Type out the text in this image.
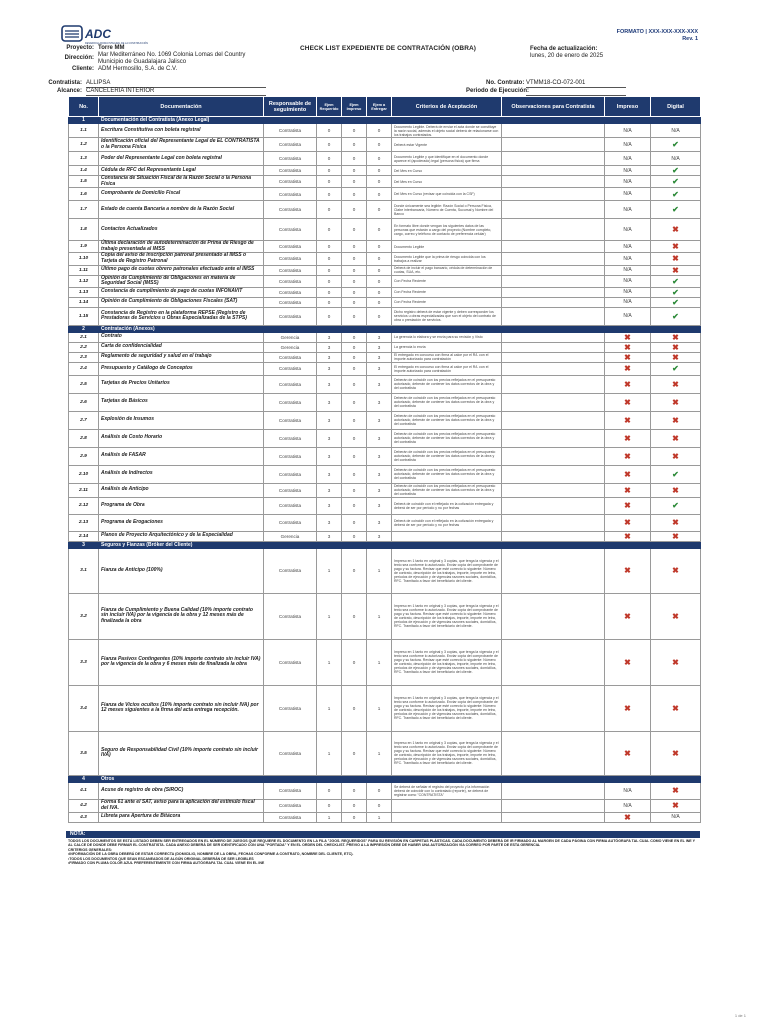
ADC
DESARROLLADORA INTEGRAL DE LA CONSTRUCCIÓN
FORMATO | XXX-XXX-XXX-XXX
Rev. 1
Proyecto: Torre MM
Dirección: Mar Mediterráneo No. 1069 Colonia Lomas del Country
Municipio de Guadalajara Jalisco
Cliente: ADM Hermosillo, S.A. de C.V.
CHECK LIST EXPEDIENTE DE CONTRATACIÓN (OBRA)	Fecha de actualización:
lunes, 20 de enero de 2025
Contratista: ALLIPSA
Alcance: CANCELERIA INTERIOR
No. Contrato: VTMM18-CO-072-001
Periodo de Ejecución:
No.	Documentación	Responsable de seguimiento	Ejem Requerido	Ejem Impreso	Ejem a Entregar	Criterios de Aceptación	Observaciones para Contratista	Impreso	Digital
1	Documentación del Contratista (Anexo Legal)								
1.1	Escritura Constitutiva con boleta registral	Contratista	0	0	0	Documento Legible. Deberá de enviar el acta donde se constituye la razón social, además el objeto social deberá de relacionarse con los trabajos contratados.		N/A	N/A
1.2	Identificación oficial del Representante Legal de EL CONTRATISTA o la Persona Física	Contratista	0	0	0	Deberá estar Vigente		N/A	✔
1.3	Poder del Representante Legal con boleta registral	Contratista	0	0	0	Documento Legible y que identifique en el documento donde aparece el (apoderado) legal (persona física) que firma		N/A	N/A
1.4	Cédula de RFC del Representante Legal	Contratista	0	0	0	Del Mes en Curso		N/A	✔
1.5	Constancia de Situación Fiscal de la Razón Social o la Persona Física	Contratista	0	0	0	Del Mes en Curso		N/A	✔
1.6	Comprobante de Domicilio Fiscal	Contratista	0	0	0	Del Mes en Curso (revisar que coincida con la CSF)		N/A	✔
1.7	Estado de cuenta Bancaria a nombre de la Razón Social	Contratista	0	0	0	Donde únicamente sea legible: Razón Social o Persona Física, Clabe interbancaria, Número de Cuenta, Sucursal y Nombre del Banco		N/A	✔
1.8	Contactos Actualizados	Contratista	0	0	0	En formato libre donde vengan los siguientes datos de las personas que estarán a cargo del proyecto (Nombre completo, cargo, correo y teléfono de contacto de preferencia celular)		N/A	✖
1.9	Última declaración de autodeterminación de Prima de Riesgo de trabajo presentada al IMSS	Contratista	0	0	0	Documento Legible		N/A	✖
1.10	Copia del aviso de inscripción patronal presentado al IMSS o Tarjeta de Registro Patronal	Contratista	0	0	0	Documento Legible que la prima de riesgo coincida con los trabajos a realizar		N/A	✖
1.11	Último pago de cuotas obrero patronales efectuado ante el IMSS	Contratista	0	0	0	Deberá de incluir el pago bancario, cédula de determinación de cuotas, SUA, etc.		N/A	✖
1.12	Opinión de Cumplimiento de Obligaciones en materia de Seguridad Social (IMSS)	Contratista	0	0	0	Con Fecha Reciente		N/A	✔
1.13	Constancia de cumplimiento de pago de cuotas INFONAVIT	Contratista	0	0	0	Con Fecha Reciente		N/A	✔
1.14	Opinión de Cumplimiento de Obligaciones Fiscales (SAT)	Contratista	0	0	0	Con Fecha Reciente		N/A	✔
1.15	Constancia de Registro en la plataforma REPSE (Registro de Prestadoras de Servicios u Obras Especializadas de la STPS)	Contratista	0	0	0	Dicho registro deberá de estar vigente y deben corresponder los servicios u obras especializadas que son el objeto del contrato de obra o prestación de servicios.		N/A	✔
2	Contratación (Anexos)								
2.1	Contrato	Gerencia	3	0	3	La gerencia lo elabora y se envía para su revisión y Visto		✖	✖
2.2	Carta de confidencialidad	Gerencia	3	0	3	La gerencia lo envía		✖	✖
2.3	Reglamento de seguridad y salud en el trabajo	Contratista	3	0	3	El entregado en concurso con firma al calce por el R/L con el importe autorizado para contratación		✖	✖
2.4	Presupuesto y Catálogo de Conceptos	Contratista	3	0	3	El entregado en concurso con firma al calce por el R/L con el importe autorizado para contratación		✖	✔
2.5	Tarjetas de Precios Unitarios	Contratista	3	0	3	Deberán de coincidir con los precios reflejados en el presupuesto autorizado, deberán de contener los datos correctos de la obra y del contratista		✖	✖
2.6	Tarjetas de Básicos	Contratista	3	0	3	Deberán de coincidir con los precios reflejados en el presupuesto autorizado, deberán de contener los datos correctos de la obra y del contratista		✖	✖
2.7	Explosión de Insumos	Contratista	3	0	3	Deberán de coincidir con los precios reflejados en el presupuesto autorizado, deberán de contener los datos correctos de la obra y del contratista		✖	✖
2.8	Análisis de Costo Horario	Contratista	3	0	3	Deberán de coincidir con los precios reflejados en el presupuesto autorizado, deberán de contener los datos correctos de la obra y del contratista		✖	✖
2.9	Análisis de FASAR	Contratista	3	0	3	Deberán de coincidir con los precios reflejados en el presupuesto autorizado, deberán de contener los datos correctos de la obra y del contratista		✖	✖
2.10	Análisis de Indirectos	Contratista	3	0	3	Deberán de coincidir con los precios reflejados en el presupuesto autorizado, deberán de contener los datos correctos de la obra y del contratista		✖	✔
2.11	Análisis de Anticipo	Contratista	3	0	3	Deberán de coincidir con los precios reflejados en el presupuesto autorizado, deberán de contener los datos correctos de la obra y del contratista		✖	✖
2.12	Programa de Obra	Contratista	3	0	3	Deberá de coincidir con el reflejado en la cotización entregada y deberá de ser por periodo y no por fechas		✖	✔
2.13	Programa de Erogaciones	Contratista	3	0	3	Deberá de coincidir con el reflejado en la cotización entregada y deberá de ser por periodo y no por fechas		✖	✖
2.14	Planos de Proyecto Arquitectónico y de la Especialidad	Gerencia	3	0	3			✖	✖
3	Seguros y Fianzas (Bróker del Cliente)								
3.1	Fianza de Anticipo (100%)	Contratista	1	0	1	Impreso en 1 tanto en original y 3 copias, que tenga la vigencia y el texto sea conforme lo autorizado. Enviar copia del comprobante de pago y su factura. Revisar que esté correcto lo siguiente: Número de contrato, descripción de los trabajos, importe, importe en letra, periodos de ejecución y de vigencias razones sociales, domicilios, RFC. Tramitado a favor del beneficiario del cliente.		✖	✖
3.2	Fianza de Cumplimiento y Buena Calidad (10% importe contrato sin incluir IVA) por la vigencia de la obra y 12 meses más de finalizada la obra	Contratista	1	0	1	Impreso en 1 tanto en original y 3 copias, que tenga la vigencia y el texto sea conforme lo autorizado. Enviar copia del comprobante de pago y su factura. Revisar que esté correcto lo siguiente: Número de contrato, descripción de los trabajos, importe, importe en letra, periodos de ejecución y de vigencias razones sociales, domicilios, RFC. Tramitado a favor del beneficiario del cliente.		✖	✖
3.3	Fianza Pasivos Contingentes (10% importe contrato sin incluir IVA) por la vigencia de la obra y 6 meses más de finalizada la obra	Contratista	1	0	1	Impreso en 1 tanto en original y 3 copias, que tenga la vigencia y el texto sea conforme lo autorizado. Enviar copia del comprobante de pago y su factura. Revisar que esté correcto lo siguiente: Número de contrato, descripción de los trabajos, importe, importe en letra, periodos de ejecución y de vigencias razones sociales, domicilios, RFC. Tramitado a favor del beneficiario del cliente.		✖	✖
3.4	Fianza de Vicios ocultos (10% importe contrato sin incluir IVA) por 12 meses siguientes a la firma del acta entrega recepción.	Contratista	1	0	1	Impreso en 1 tanto en original y 3 copias, que tenga la vigencia y el texto sea conforme lo autorizado. Enviar copia del comprobante de pago y su factura. Revisar que esté correcto lo siguiente: Número de contrato, descripción de los trabajos, importe, importe en letra, periodos de ejecución y de vigencias razones sociales, domicilios, RFC. Tramitado a favor del beneficiario del cliente.		✖	✖
3.5	Seguro de Responsabilidad Civil (10% importe contrato sin incluir IVA)	Contratista	1	0	1	Impreso en 1 tanto en original y 3 copias, que tenga la vigencia y el texto sea conforme lo autorizado. Enviar copia del comprobante de pago y su factura. Revisar que esté correcto lo siguiente: Número de contrato, descripción de los trabajos, importe, importe en letra, periodos de ejecución y de vigencias razones sociales, domicilios, RFC. Tramitado a favor del beneficiario del cliente.		✖	✖
4	Otros								
4.1	Acuse de registro de obra (SIROC)	Contratista	0	0	0	Se deberá de señalar el registro del proyecto y la información deberá de coincidir con lo contratado (reporte), se deberá de registrar como "CONTRATISTA"		N/A	✖
4.2	Forma 61 ante el SAT, aviso para la aplicación del estímulo fiscal del IVA.	Contratista	0	0	0			N/A	✖
4.3	Libreta para Apertura de Bitácora	Contratista	1	0	1			✖	N/A
NOTA:
TODOS LOS DOCUMENTOS SE ESTÁ LISTADO DEBEN SER ENTREGADOS EN EL NÚMERO DE JUEGOS QUE REQUIERE EL DOCUMENTO EN LA FILA "JGOS. REQUERIDOS" PARA SU REVISIÓN EN CARPETAS PLÁSTICAS. CADA DOCUMENTO DEBERÁ DE IR FIRMADO AL MARGEN DE CADA PÁGINA CON FIRMA AUTÓGRAFA TAL CUAL COMO VIENE EN EL INE Y AL CALCE DE DONDE DEBE FIRMAR EL CONTRATISTA. CADA ANEXO DEBERÁ DE SER IDENTIFICADO CON UNA "PORTADA" Y EN EL ORDEN DEL CHECKLIST. PREVIO A LA IMPRESIÓN DEBE DE HABER UNA AUTORIZACIÓN VÍA CORREO POR PARTE DE ESTA GERENCIA.
CRITERIOS GENERALES:
•INFORMACIÓN DE LA OBRA DEBERÁ DE ESTAR CORRECTA (DOMICILIO, NOMBRE DE LA OBRA, FECHAS CONFORME A CONTRATO, NOMBRE DEL CLIENTE, ETC).
•TODOS LOS DOCUMENTOS QUE SEAN ESCANEADOS DE ALGÚN ORIGINAL DEBERÁN DE SER LEGIBLES
•FIRMADO CON PLUMA COLOR AZUL PREFERENTEMENTE CON FIRMA AUTÓGRAFA TAL CUAL VIENE EN EL INE
1 de 1
